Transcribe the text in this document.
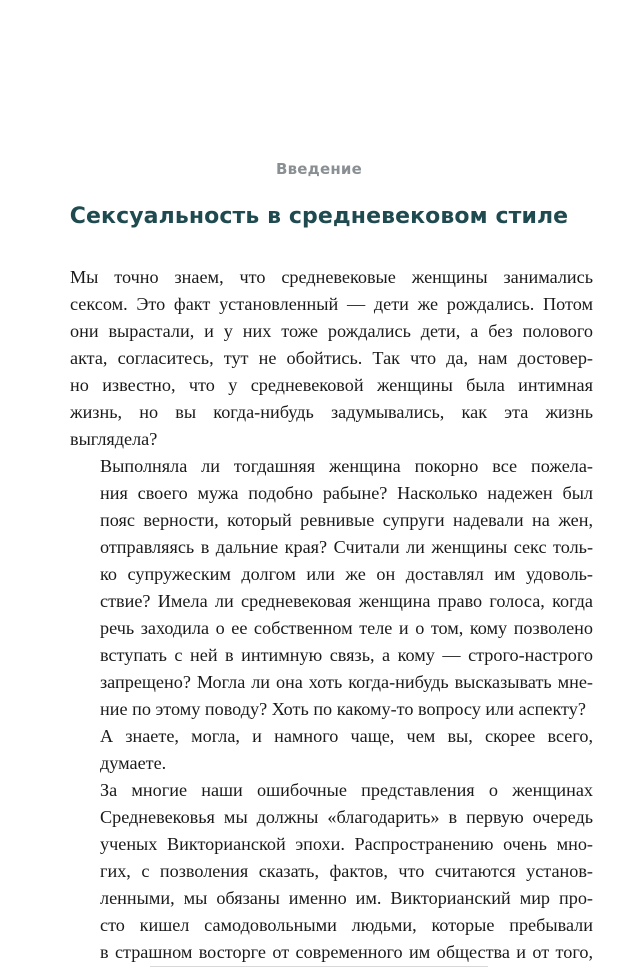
Введение
Сексуальность в средневековом стиле

Мы точно знаем, что средневековые женщины занимались
сексом. Это факт установленный — дети же рождались. Потом
они вырастали, и у них тоже рождались дети, а без полового
акта, согласитесь, тут не обойтись. Так что да, нам достовер-
но известно, что у средневековой женщины была интимная
жизнь, но вы когда-нибудь задумывались, как эта жизнь
выглядела?

Выполняла ли тогдашняя женщина покорно все пожела-
ния своего мужа подобно рабыне? Насколько надежен был
пояс верности, который ревнивые супруги надевали на жен,
отправляясь в дальние края? Считали ли женщины секс толь-
ко супружеским долгом или же он доставлял им удоволь-
ствие? Имела ли средневековая женщина право голоса, когда
речь заходила о ее собственном теле и о том, кому позволено
вступать с ней в интимную связь, а кому — строго-настрого
запрещено? Могла ли она хоть когда-нибудь высказывать мне-
ние по этому поводу? Хоть по какому-то вопросу или аспекту?

А знаете, могла, и намного чаще, чем вы, скорее всего,
думаете.

За многие наши ошибочные представления о женщинах
Средневековья мы должны «благодарить» в первую очередь
ученых Викторианской эпохи. Распространению очень мно-
гих, с позволения сказать, фактов, что считаются установ-
ленными, мы обязаны именно им. Викторианский мир про-
сто кишел самодовольными людьми, которые пребывали
в страшном восторге от современного им общества и от того,
